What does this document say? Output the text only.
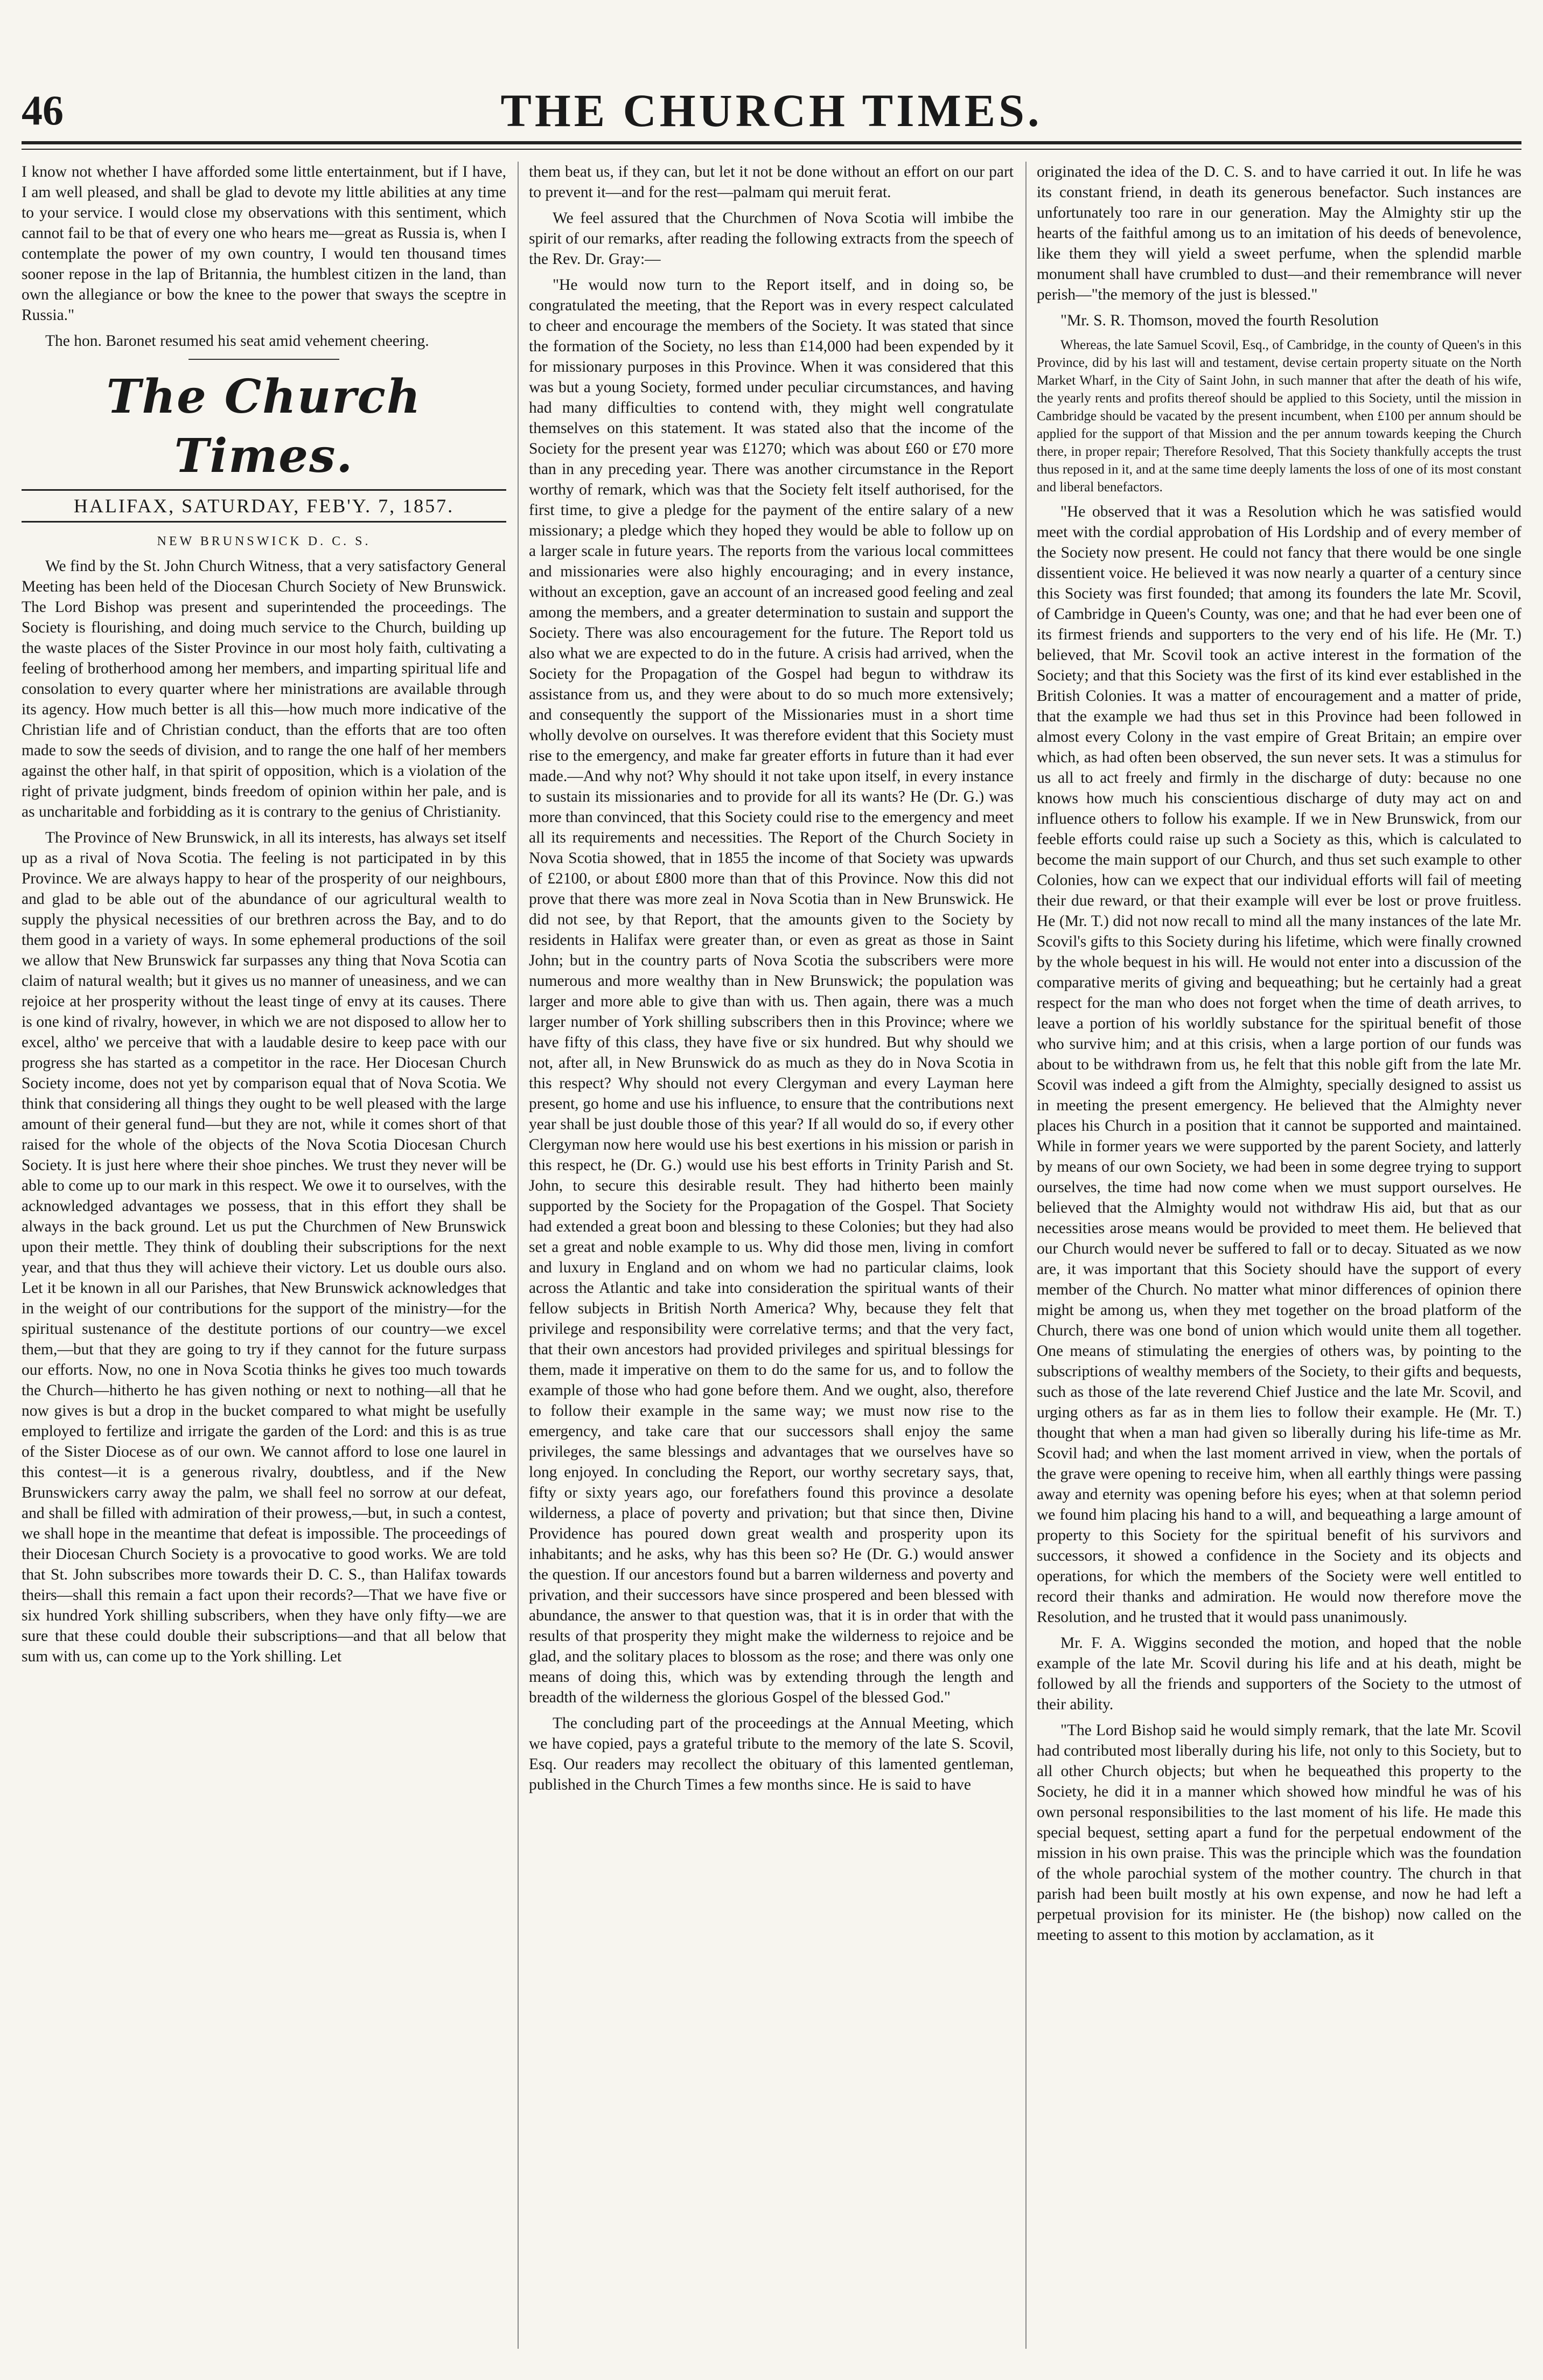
46	THE CHURCH TIMES.

I know not whether I have afforded some little entertainment, but if I have, I am well pleased, and shall be glad to devote my little abilities at any time to your service. I would close my observations with this sentiment, which cannot fail to be that of every one who hears me—great as Russia is, when I contemplate the power of my own country, I would ten thousand times sooner repose in the lap of Britannia, the humblest citizen in the land, than own the allegiance or bow the knee to the power that sways the sceptre in Russia."

The hon. Baronet resumed his seat amid vehement cheering.

The Church Times.
HALIFAX, SATURDAY, FEB'Y. 7, 1857.
NEW BRUNSWICK D. C. S.

We find by the St. John Church Witness, that a very satisfactory General Meeting has been held of the Diocesan Church Society of New Brunswick. The Lord Bishop was present and superintended the proceedings. The Society is flourishing, and doing much service to the Church, building up the waste places of the Sister Province in our most holy faith, cultivating a feeling of brotherhood among her members, and imparting spiritual life and consolation to every quarter where her ministrations are available through its agency. How much better is all this—how much more indicative of the Christian life and of Christian conduct, than the efforts that are too often made to sow the seeds of division, and to range the one half of her members against the other half, in that spirit of opposition, which is a violation of the right of private judgment, binds freedom of opinion within her pale, and is as uncharitable and forbidding as it is contrary to the genius of Christianity.

The Province of New Brunswick, in all its interests, has always set itself up as a rival of Nova Scotia. The feeling is not participated in by this Province. We are always happy to hear of the prosperity of our neighbours, and glad to be able out of the abundance of our agricultural wealth to supply the physical necessities of our brethren across the Bay, and to do them good in a variety of ways. In some ephemeral productions of the soil we allow that New Brunswick far surpasses any thing that Nova Scotia can claim of natural wealth; but it gives us no manner of uneasiness, and we can rejoice at her prosperity without the least tinge of envy at its causes. There is one kind of rivalry, however, in which we are not disposed to allow her to excel, altho' we perceive that with a laudable desire to keep pace with our progress she has started as a competitor in the race. Her Diocesan Church Society income, does not yet by comparison equal that of Nova Scotia. We think that considering all things they ought to be well pleased with the large amount of their general fund—but they are not, while it comes short of that raised for the whole of the objects of the Nova Scotia Diocesan Church Society. It is just here where their shoe pinches. We trust they never will be able to come up to our mark in this respect. We owe it to ourselves, with the acknowledged advantages we possess, that in this effort they shall be always in the back ground. Let us put the Churchmen of New Brunswick upon their mettle. They think of doubling their subscriptions for the next year, and that thus they will achieve their victory. Let us double ours also. Let it be known in all our Parishes, that New Brunswick acknowledges that in the weight of our contributions for the support of the ministry—for the spiritual sustenance of the destitute portions of our country—we excel them,—but that they are going to try if they cannot for the future surpass our efforts. Now, no one in Nova Scotia thinks he gives too much towards the Church—hitherto he has given nothing or next to nothing—all that he now gives is but a drop in the bucket compared to what might be usefully employed to fertilize and irrigate the garden of the Lord: and this is as true of the Sister Diocese as of our own. We cannot afford to lose one laurel in this contest—it is a generous rivalry, doubtless, and if the New Brunswickers carry away the palm, we shall feel no sorrow at our defeat, and shall be filled with admiration of their prowess,—but, in such a contest, we shall hope in the meantime that defeat is impossible. The proceedings of their Diocesan Church Society is a provocative to good works. We are told that St. John subscribes more towards their D. C. S., than Halifax towards theirs—shall this remain a fact upon their records?—That we have five or six hundred York shilling subscribers, when they have only fifty—we are sure that these could double their subscriptions—and that all below that sum with us, can come up to the York shilling. Let

them beat us, if they can, but let it not be done without an effort on our part to prevent it—and for the rest—palmam qui meruit ferat.

We feel assured that the Churchmen of Nova Scotia will imbibe the spirit of our remarks, after reading the following extracts from the speech of the Rev. Dr. Gray:—

"He would now turn to the Report itself, and in doing so, be congratulated the meeting, that the Report was in every respect calculated to cheer and encourage the members of the Society. It was stated that since the formation of the Society, no less than £14,000 had been expended by it for missionary purposes in this Province. When it was considered that this was but a young Society, formed under peculiar circumstances, and having had many difficulties to contend with, they might well congratulate themselves on this statement. It was stated also that the income of the Society for the present year was £1270; which was about £60 or £70 more than in any preceding year. There was another circumstance in the Report worthy of remark, which was that the Society felt itself authorised, for the first time, to give a pledge for the payment of the entire salary of a new missionary; a pledge which they hoped they would be able to follow up on a larger scale in future years. The reports from the various local committees and missionaries were also highly encouraging; and in every instance, without an exception, gave an account of an increased good feeling and zeal among the members, and a greater determination to sustain and support the Society. There was also encouragement for the future. The Report told us also what we are expected to do in the future. A crisis had arrived, when the Society for the Propagation of the Gospel had begun to withdraw its assistance from us, and they were about to do so much more extensively; and consequently the support of the Missionaries must in a short time wholly devolve on ourselves. It was therefore evident that this Society must rise to the emergency, and make far greater efforts in future than it had ever made.—And why not? Why should it not take upon itself, in every instance to sustain its missionaries and to provide for all its wants? He (Dr. G.) was more than convinced, that this Society could rise to the emergency and meet all its requirements and necessities. The Report of the Church Society in Nova Scotia showed, that in 1855 the income of that Society was upwards of £2100, or about £800 more than that of this Province. Now this did not prove that there was more zeal in Nova Scotia than in New Brunswick. He did not see, by that Report, that the amounts given to the Society by residents in Halifax were greater than, or even as great as those in Saint John; but in the country parts of Nova Scotia the subscribers were more numerous and more wealthy than in New Brunswick; the population was larger and more able to give than with us. Then again, there was a much larger number of York shilling subscribers then in this Province; where we have fifty of this class, they have five or six hundred. But why should we not, after all, in New Brunswick do as much as they do in Nova Scotia in this respect? Why should not every Clergyman and every Layman here present, go home and use his influence, to ensure that the contributions next year shall be just double those of this year? If all would do so, if every other Clergyman now here would use his best exertions in his mission or parish in this respect, he (Dr. G.) would use his best efforts in Trinity Parish and St. John, to secure this desirable result. They had hitherto been mainly supported by the Society for the Propagation of the Gospel. That Society had extended a great boon and blessing to these Colonies; but they had also set a great and noble example to us. Why did those men, living in comfort and luxury in England and on whom we had no particular claims, look across the Atlantic and take into consideration the spiritual wants of their fellow subjects in British North America? Why, because they felt that privilege and responsibility were correlative terms; and that the very fact, that their own ancestors had provided privileges and spiritual blessings for them, made it imperative on them to do the same for us, and to follow the example of those who had gone before them. And we ought, also, therefore to follow their example in the same way; we must now rise to the emergency, and take care that our successors shall enjoy the same privileges, the same blessings and advantages that we ourselves have so long enjoyed. In concluding the Report, our worthy secretary says, that, fifty or sixty years ago, our forefathers found this province a desolate wilderness, a place of poverty and privation; but that since then, Divine Providence has poured down great wealth and prosperity upon its inhabitants; and he asks, why has this been so? He (Dr. G.) would answer the question. If our ancestors found but a barren wilderness and poverty and privation, and their successors have since prospered and been blessed with abundance, the answer to that question was, that it is in order that with the results of that prosperity they might make the wilderness to rejoice and be glad, and the solitary places to blossom as the rose; and there was only one means of doing this, which was by extending through the length and breadth of the wilderness the glorious Gospel of the blessed God."

The concluding part of the proceedings at the Annual Meeting, which we have copied, pays a grateful tribute to the memory of the late S. Scovil, Esq. Our readers may recollect the obituary of this lamented gentleman, published in the Church Times a few months since. He is said to have

originated the idea of the D. C. S. and to have carried it out. In life he was its constant friend, in death its generous benefactor. Such instances are unfortunately too rare in our generation. May the Almighty stir up the hearts of the faithful among us to an imitation of his deeds of benevolence, like them they will yield a sweet perfume, when the splendid marble monument shall have crumbled to dust—and their remembrance will never perish—"the memory of the just is blessed."

"Mr. S. R. Thomson, moved the fourth Resolution

Whereas, the late Samuel Scovil, Esq., of Cambridge, in the county of Queen's in this Province, did by his last will and testament, devise certain property situate on the North Market Wharf, in the City of Saint John, in such manner that after the death of his wife, the yearly rents and profits thereof should be applied to this Society, until the mission in Cambridge should be vacated by the present incumbent, when £100 per annum should be applied for the support of that Mission and the per annum towards keeping the Church there, in proper repair; Therefore Resolved, That this Society thankfully accepts the trust thus reposed in it, and at the same time deeply laments the loss of one of its most constant and liberal benefactors.

"He observed that it was a Resolution which he was satisfied would meet with the cordial approbation of His Lordship and of every member of the Society now present. He could not fancy that there would be one single dissentient voice. He believed it was now nearly a quarter of a century since this Society was first founded; that among its founders the late Mr. Scovil, of Cambridge in Queen's County, was one; and that he had ever been one of its firmest friends and supporters to the very end of his life. He (Mr. T.) believed, that Mr. Scovil took an active interest in the formation of the Society; and that this Society was the first of its kind ever established in the British Colonies. It was a matter of encouragement and a matter of pride, that the example we had thus set in this Province had been followed in almost every Colony in the vast empire of Great Britain; an empire over which, as had often been observed, the sun never sets. It was a stimulus for us all to act freely and firmly in the discharge of duty: because no one knows how much his conscientious discharge of duty may act on and influence others to follow his example. If we in New Brunswick, from our feeble efforts could raise up such a Society as this, which is calculated to become the main support of our Church, and thus set such example to other Colonies, how can we expect that our individual efforts will fail of meeting their due reward, or that their example will ever be lost or prove fruitless. He (Mr. T.) did not now recall to mind all the many instances of the late Mr. Scovil's gifts to this Society during his lifetime, which were finally crowned by the whole bequest in his will. He would not enter into a discussion of the comparative merits of giving and bequeathing; but he certainly had a great respect for the man who does not forget when the time of death arrives, to leave a portion of his worldly substance for the spiritual benefit of those who survive him; and at this crisis, when a large portion of our funds was about to be withdrawn from us, he felt that this noble gift from the late Mr. Scovil was indeed a gift from the Almighty, specially designed to assist us in meeting the present emergency. He believed that the Almighty never places his Church in a position that it cannot be supported and maintained. While in former years we were supported by the parent Society, and latterly by means of our own Society, we had been in some degree trying to support ourselves, the time had now come when we must support ourselves. He believed that the Almighty would not withdraw His aid, but that as our necessities arose means would be provided to meet them. He believed that our Church would never be suffered to fall or to decay. Situated as we now are, it was important that this Society should have the support of every member of the Church. No matter what minor differences of opinion there might be among us, when they met together on the broad platform of the Church, there was one bond of union which would unite them all together. One means of stimulating the energies of others was, by pointing to the subscriptions of wealthy members of the Society, to their gifts and bequests, such as those of the late reverend Chief Justice and the late Mr. Scovil, and urging others as far as in them lies to follow their example. He (Mr. T.) thought that when a man had given so liberally during his life-time as Mr. Scovil had; and when the last moment arrived in view, when the portals of the grave were opening to receive him, when all earthly things were passing away and eternity was opening before his eyes; when at that solemn period we found him placing his hand to a will, and bequeathing a large amount of property to this Society for the spiritual benefit of his survivors and successors, it showed a confidence in the Society and its objects and operations, for which the members of the Society were well entitled to record their thanks and admiration. He would now therefore move the Resolution, and he trusted that it would pass unanimously.

Mr. F. A. Wiggins seconded the motion, and hoped that the noble example of the late Mr. Scovil during his life and at his death, might be followed by all the friends and supporters of the Society to the utmost of their ability.

"The Lord Bishop said he would simply remark, that the late Mr. Scovil had contributed most liberally during his life, not only to this Society, but to all other Church objects; but when he bequeathed this property to the Society, he did it in a manner which showed how mindful he was of his own personal responsibilities to the last moment of his life. He made this special bequest, setting apart a fund for the perpetual endowment of the mission in his own praise. This was the principle which was the foundation of the whole parochial system of the mother country. The church in that parish had been built mostly at his own expense, and now he had left a perpetual provision for its minister. He (the bishop) now called on the meeting to assent to this motion by acclamation, as it
